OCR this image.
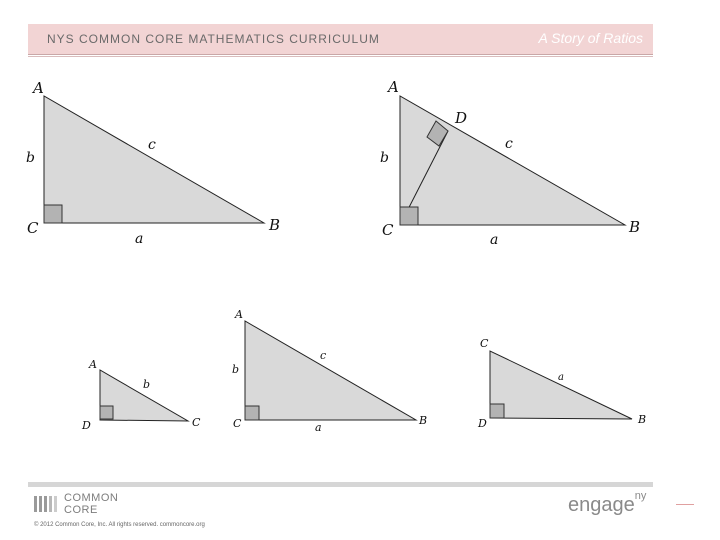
NYS COMMON CORE MATHEMATICS CURRICULUM	A Story of Ratios
A
b
c
C	B
a
A
D
b
c
C	B
a
A
b
D	C
A
b
c
C	B
a
C
a
D	B
COMMON
CORE
© 2012 Common Core, Inc. All rights reserved. commoncore.org
engage$^{ny}$
